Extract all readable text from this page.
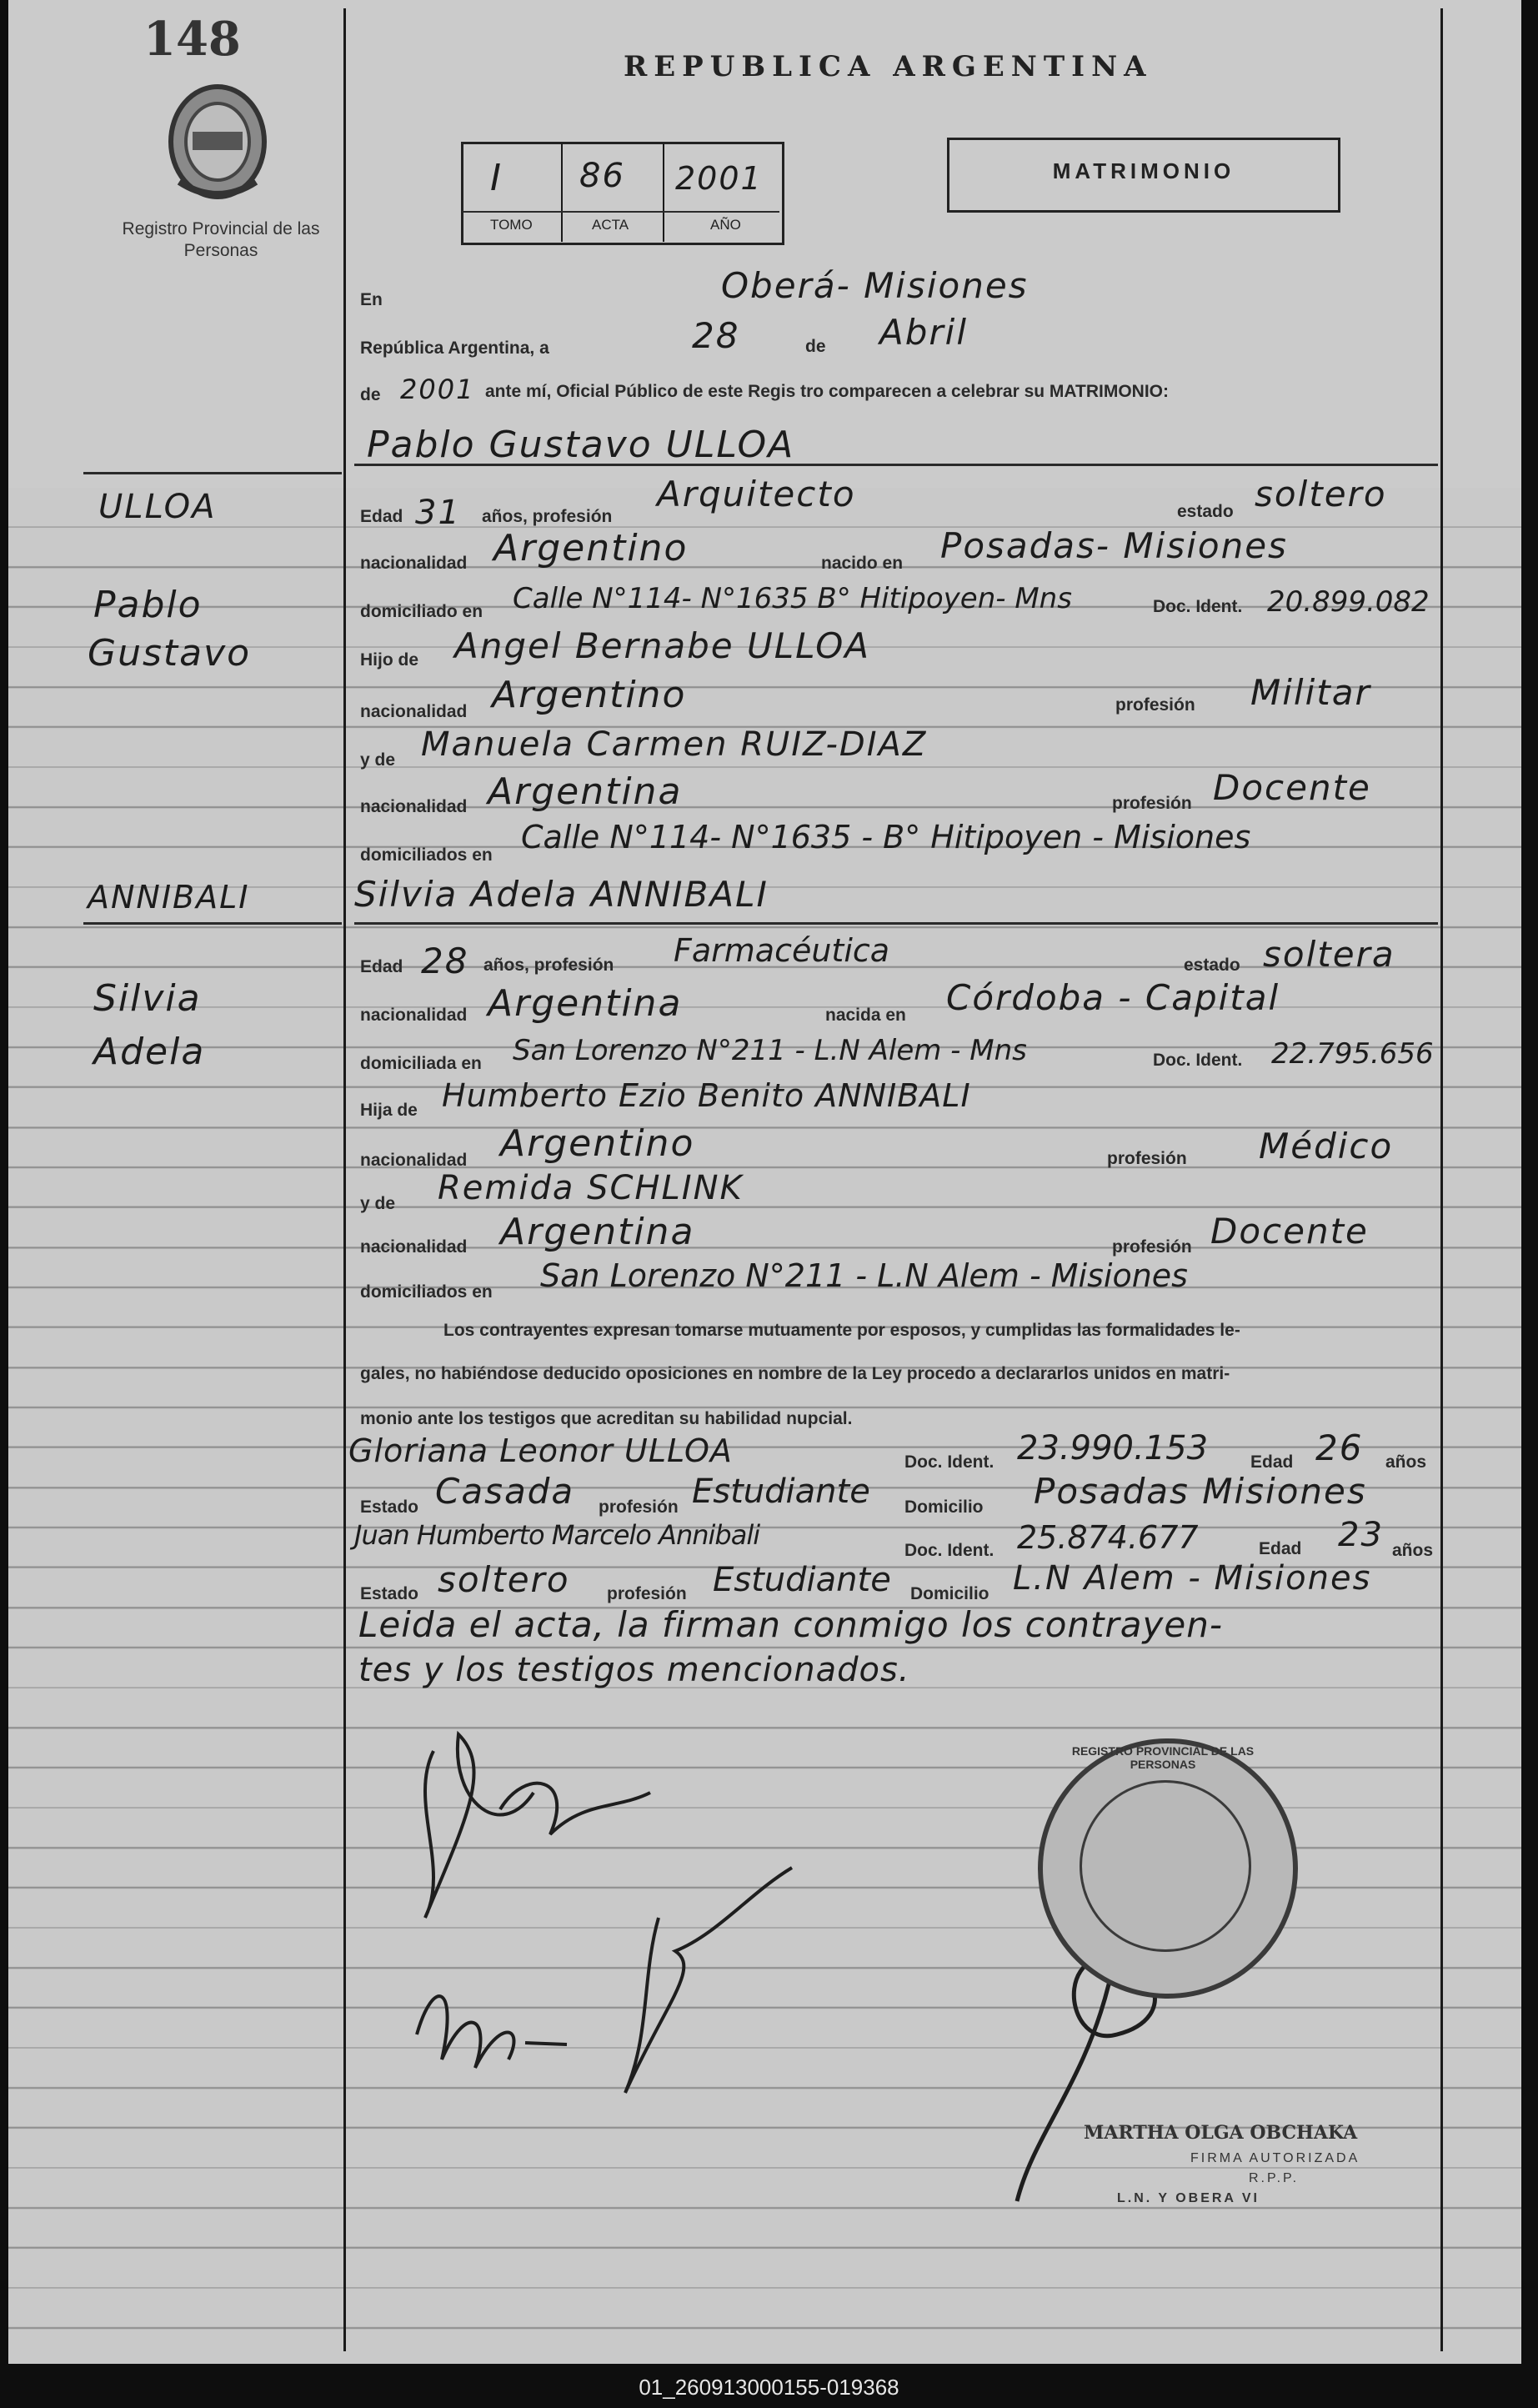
148
Registro Provincial de las Personas
REPUBLICA ARGENTINA
I 86 2001
TOMO	ACTA	AÑO
MATRIMONIO
En	Oberá- Misiones
República Argentina, a	28	de Abril
de 2001 ante mí, Oficial Público de este Regis tro comparecen a celebrar su MATRIMONIO:
Pablo Gustavo ULLOA
ULLOA
Pablo
Gustavo
Edad 31 años, profesión
Arquitecto	estado soltero
nacionalidad Argentino	nacido en Posadas- Misiones
domiciliado en Calle N°114- N°1635 B° Hitipoyen- Mns	Doc. Ident. 20.899.082
Hijo de Angel Bernabe ULLOA
nacionalidad Argentino	profesión Militar
y de Manuela Carmen RUIZ-DIAZ
nacionalidad Argentina	profesión Docente
domiciliados en Calle N°114- N°1635 - B° Hitipoyen - Misiones
ANNIBALI	Silvia Adela ANNIBALI
Silvia
Adela
Edad 28 años, profesión Farmacéutica	estado soltera
nacionalidad Argentina	nacida en Córdoba - Capital
domiciliada en San Lorenzo N°211 - L.N Alem - Mns	Doc. Ident. 22.795.656
Hija de Humberto Ezio Benito ANNIBALI
nacionalidad Argentino	profesión Médico
y de Remida SCHLINK
nacionalidad Argentina	profesión Docente
domiciliados en San Lorenzo N°211 - L.N Alem - Misiones
Los contrayentes expresan tomarse mutuamente por esposos, y cumplidas las formalidades le-
gales, no habiéndose deducido oposiciones en nombre de la Ley procedo a declararlos unidos en matri-
monio ante los testigos que acreditan su habilidad nupcial.
Gloriana Leonor ULLOA	Doc. Ident. 23.990.153 Edad 26 años
Estado Casada profesión Estudiante Domicilio Posadas Misiones
Juan Humberto Marcelo Annibali	Doc. Ident. 25.874.677	Edad 23 años
Estado soltero profesión Estudiante Domicilio L.N Alem - Misiones
Leida el acta, la firman conmigo los contrayen-
tes y los testigos mencionados.
REGISTRO PROVINCIAL DE LAS PERSONAS
MARTHA OLGA OBCHAKA
FIRMA AUTORIZADA
R.P.P.
L.N. Y OBERA VI
01_260913000155-019368
